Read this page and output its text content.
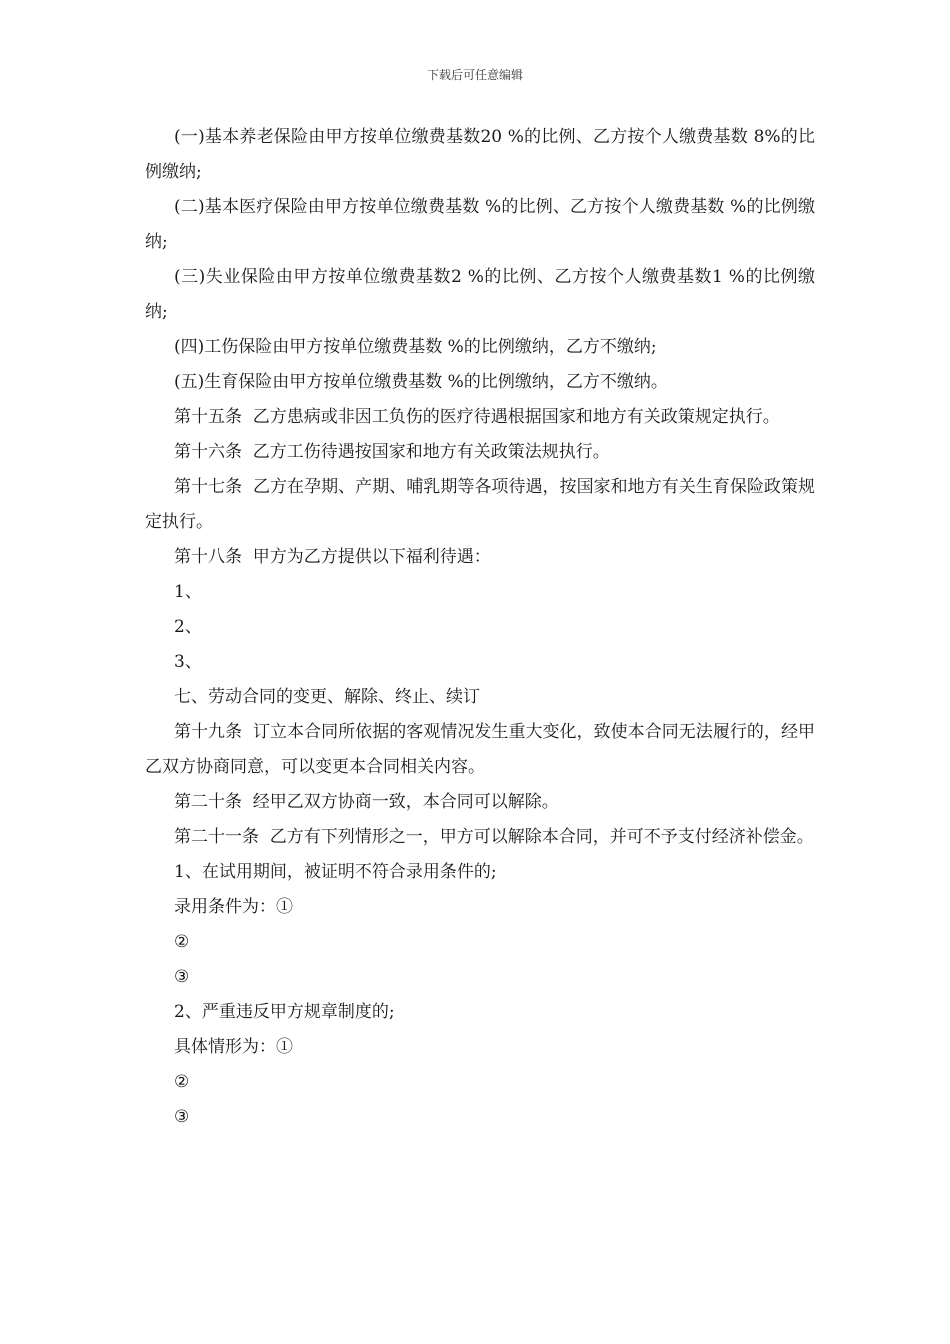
下载后可任意编辑

(一)基本养老保险由甲方按单位缴费基数20 %的比例、乙方按个人缴费基数 8%的比例缴纳;

(二)基本医疗保险由甲方按单位缴费基数 %的比例、乙方按个人缴费基数 %的比例缴纳;

(三)失业保险由甲方按单位缴费基数2 %的比例、乙方按个人缴费基数1 %的比例缴纳;

(四)工伤保险由甲方按单位缴费基数 %的比例缴纳，乙方不缴纳;

(五)生育保险由甲方按单位缴费基数 %的比例缴纳，乙方不缴纳。

第十五条  乙方患病或非因工负伤的医疗待遇根据国家和地方有关政策规定执行。

第十六条  乙方工伤待遇按国家和地方有关政策法规执行。

第十七条  乙方在孕期、产期、哺乳期等各项待遇，按国家和地方有关生育保险政策规定执行。

第十八条  甲方为乙方提供以下福利待遇：

1、

2、

3、

七、劳动合同的变更、解除、终止、续订

第十九条  订立本合同所依据的客观情况发生重大变化，致使本合同无法履行的，经甲乙双方协商同意，可以变更本合同相关内容。

第二十条  经甲乙双方协商一致，本合同可以解除。

第二十一条  乙方有下列情形之一，甲方可以解除本合同，并可不予支付经济补偿金。

1、在试用期间，被证明不符合录用条件的;

录用条件为：①

②

③

2、严重违反甲方规章制度的;

具体情形为：①

②

③
